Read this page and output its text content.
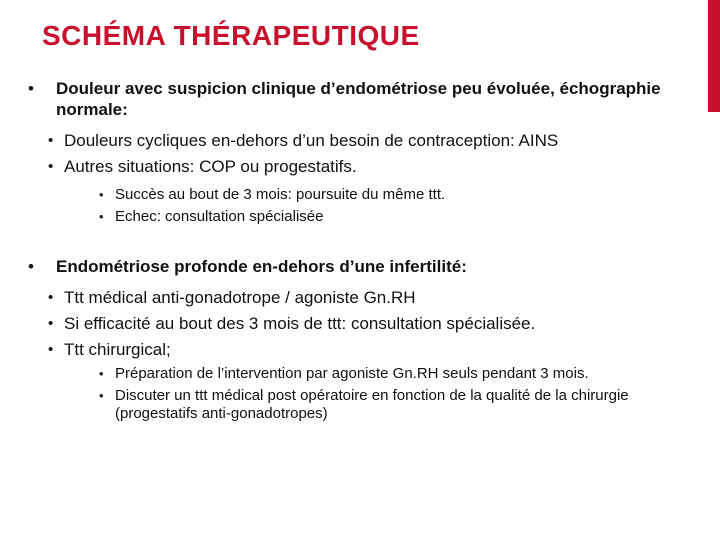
SCHÉMA THÉRAPEUTIQUE
• Douleur avec suspicion clinique d’endométriose peu évoluée, échographie normale:
• Douleurs cycliques en-dehors d’un besoin de contraception: AINS
• Autres situations: COP ou progestatifs.
• Succès au bout de 3 mois: poursuite du même ttt.
• Echec: consultation spécialisée
• Endométriose profonde en-dehors d’une infertilité:
• Ttt médical anti-gonadotrope / agoniste Gn.RH
• Si efficacité au bout des 3 mois de ttt: consultation spécialisée.
• Ttt chirurgical;
• Préparation de l’intervention par agoniste Gn.RH seuls pendant 3 mois.
• Discuter un ttt médical post opératoire en fonction de la qualité de la chirurgie (progestatifs anti-gonadotropes)
